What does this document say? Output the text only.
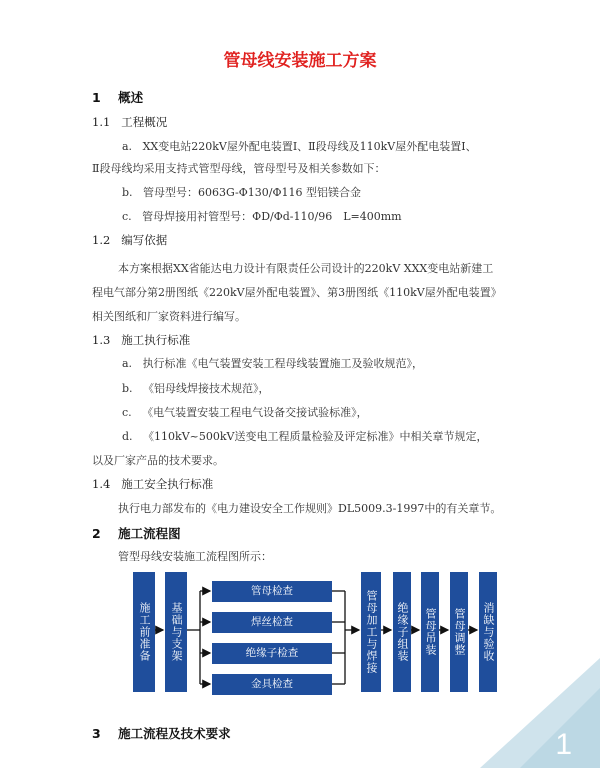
管母线安装施工方案
1 概述
1.1 工程概况
a. XX变电站220kV屋外配电装置Ⅰ、Ⅱ段母线及110kV屋外配电装置Ⅰ、
Ⅱ段母线均采用支持式管型母线，管母型号及相关参数如下：
b. 管母型号：6063G-Φ130/Φ116 型铝镁合金
c. 管母焊接用衬管型号：ΦD/Φd-110/96　L=400mm
1.2 编写依据
本方案根据XX省能达电力设计有限责任公司设计的220kV XXX变电站新建工
程电气部分第2册图纸《220kV屋外配电装置》、第3册图纸《110kV屋外配电装置》
相关图纸和厂家资料进行编写。
1.3 施工执行标准
a. 执行标准《电气装置安装工程母线装置施工及验收规范》，
b. 《铝母线焊接技术规范》，
c. 《电气装置安装工程电气设备交接试验标准》，
d. 《110kV~500kV送变电工程质量检验及评定标准》中相关章节规定，
以及厂家产品的技术要求。
1.4 施工安全执行标准
执行电力部发布的《电力建设安全工作规则》DL5009.3-1997中的有关章节。
2 施工流程图
管型母线安装施工流程图所示：
施工前准备 基础与支架
管母检查
焊丝检查
绝缘子检查
金具检查
管母加工与焊接 绝缘子组装 管母吊装 管母调整 消缺与验收
3 施工流程及技术要求	1
